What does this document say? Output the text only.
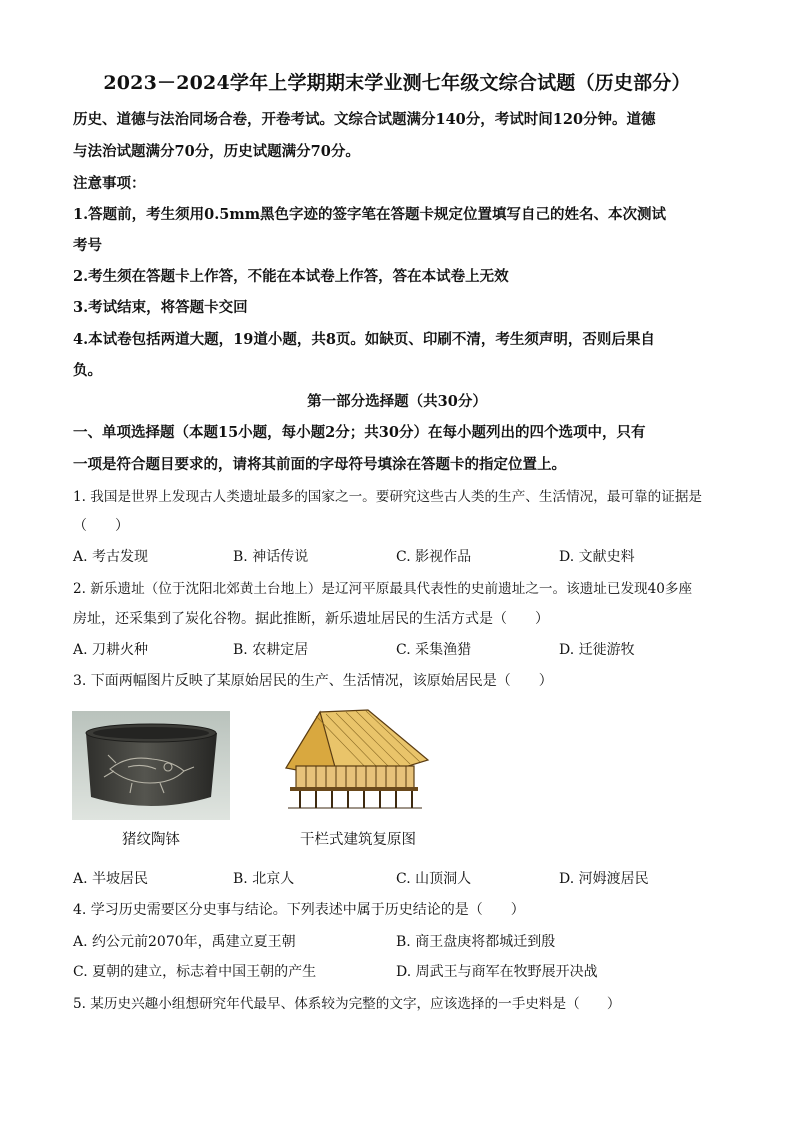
2023－2024学年上学期期末学业测七年级文综合试题（历史部分）
历史、道德与法治同场合卷，开卷考试。文综合试题满分140分，考试时间120分钟。道德
与法治试题满分70分，历史试题满分70分。
注意事项：
1.答题前，考生须用0.5mm黑色字迹的签字笔在答题卡规定位置填写自己的姓名、本次测试
考号
2.考生须在答题卡上作答，不能在本试卷上作答，答在本试卷上无效
3.考试结束，将答题卡交回
4.本试卷包括两道大题，19道小题，共8页。如缺页、印刷不清，考生须声明，否则后果自
负。
第一部分选择题（共30分）
一、单项选择题（本题15小题，每小题2分；共30分）在每小题列出的四个选项中，只有
一项是符合题目要求的，请将其前面的字母符号填涂在答题卡的指定位置上。
1. 我国是世界上发现古人类遗址最多的国家之一。要研究这些古人类的生产、生活情况，最可靠的证据是
（　　）
A. 考古发现	B. 神话传说	C. 影视作品	D. 文献史料
2. 新乐遗址（位于沈阳北郊黄土台地上）是辽河平原最具代表性的史前遗址之一。该遗址已发现40多座
房址，还采集到了炭化谷物。据此推断，新乐遗址居民的生活方式是（　　）
A. 刀耕火种	B. 农耕定居	C. 采集渔猎	D. 迁徙游牧
3. 下面两幅图片反映了某原始居民的生产、生活情况，该原始居民是（　　）
猪纹陶钵	干栏式建筑复原图
A. 半坡居民	B. 北京人	C. 山顶洞人	D. 河姆渡居民
4. 学习历史需要区分史事与结论。下列表述中属于历史结论的是（　　）
A. 约公元前2070年，禹建立夏王朝	B. 商王盘庚将都城迁到殷
C. 夏朝的建立，标志着中国王朝的产生	D. 周武王与商军在牧野展开决战
5. 某历史兴趣小组想研究年代最早、体系较为完整的文字，应该选择的一手史料是（　　）
